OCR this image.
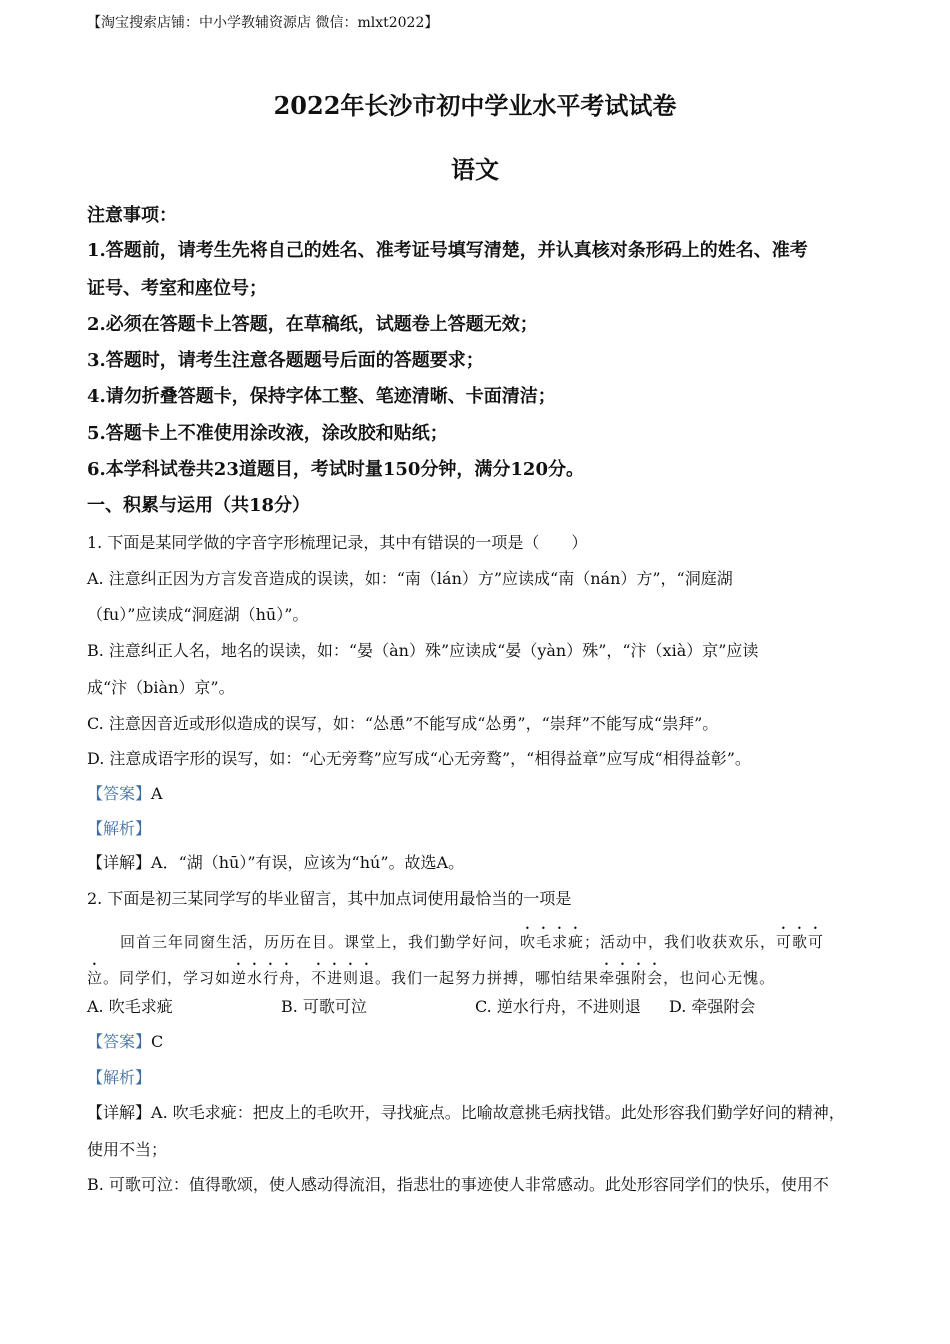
【淘宝搜索店铺：中小学教辅资源店 微信：mlxt2022】
2022年长沙市初中学业水平考试试卷
语文
注意事项：
1.答题前，请考生先将自己的姓名、准考证号填写清楚，并认真核对条形码上的姓名、准考
证号、考室和座位号；
2.必须在答题卡上答题，在草稿纸，试题卷上答题无效；
3.答题时，请考生注意各题题号后面的答题要求；
4.请勿折叠答题卡，保持字体工整、笔迹清晰、卡面清洁；
5.答题卡上不准使用涂改液，涂改胶和贴纸；
6.本学科试卷共23道题目，考试时量150分钟，满分120分。
一、积累与运用（共18分）
1. 下面是某同学做的字音字形梳理记录，其中有错误的一项是（　　）
A. 注意纠正因为方言发音造成的误读，如：“南（lán）方”应读成“南（nán）方”，“洞庭湖
（fu）”应读成“洞庭湖（hū）”。
B. 注意纠正人名，地名的误读，如：“晏（àn）殊”应读成“晏（yàn）殊”，“汴（xià）京”应读
成“汴（biàn）京”。
C. 注意因音近或形似造成的误写，如：“怂恿”不能写成“怂勇”，“崇拜”不能写成“祟拜”。
D. 注意成语字形的误写，如：“心无旁骛”应写成“心无旁鹜”，“相得益章”应写成“相得益彰”。
【答案】A
【解析】
【详解】A．“湖（hū）”有误，应该为“hú”。故选A。
2. 下面是初三某同学写的毕业留言，其中加点词使用最恰当的一项是
回首三年同窗生活，历历在目。课堂上，我们勤学好问，吹毛求疵；活动中，我们收获欢乐，可歌可
泣。同学们，学习如逆水行舟，不进则退。我们一起努力拼搏，哪怕结果牵强附会，也问心无愧。
A. 吹毛求疵	B. 可歌可泣	C. 逆水行舟，不进则退 D. 牵强附会
【答案】C
【解析】
【详解】A. 吹毛求疵：把皮上的毛吹开，寻找疵点。比喻故意挑毛病找错。此处形容我们勤学好问的精神，
使用不当；
B. 可歌可泣：值得歌颂，使人感动得流泪，指悲壮的事迹使人非常感动。此处形容同学们的快乐，使用不
